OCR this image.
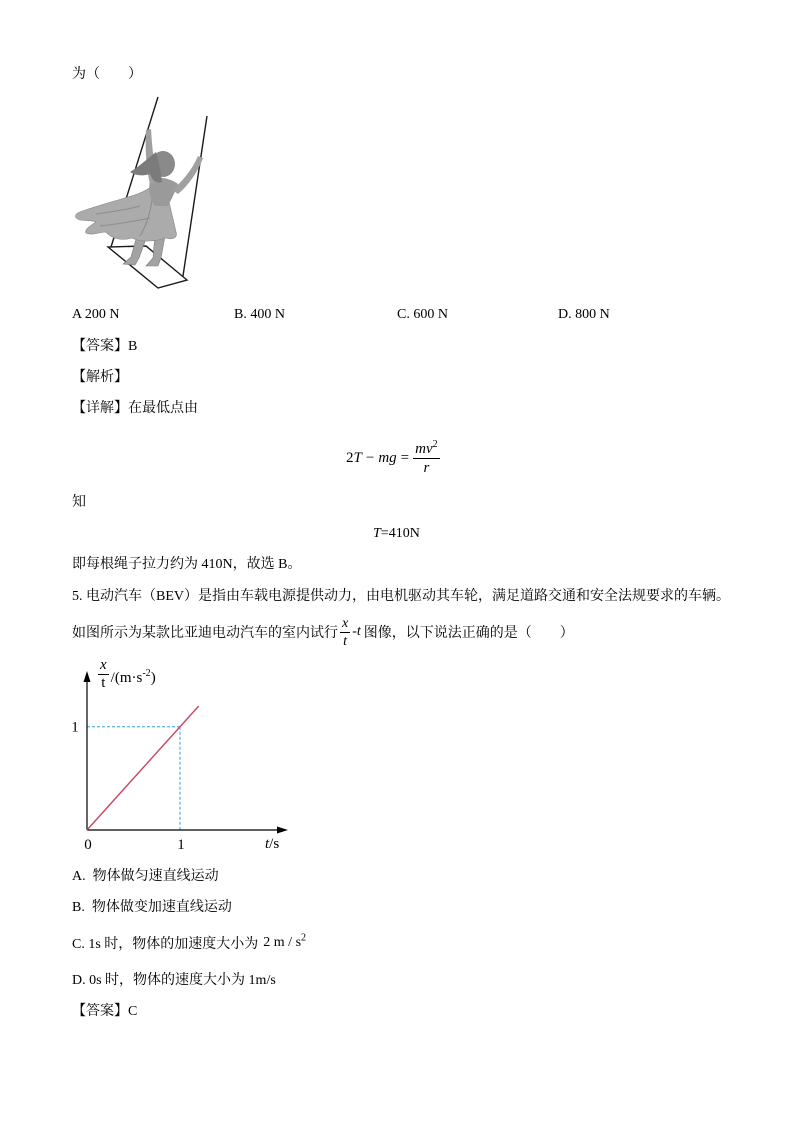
为（　　）
A 200 N	B. 400 N	C. 600 N	D. 800 N
【答案】B
【解析】
【详解】在最低点由
2 T − mg = $\frac{mv^2}{r}$
知
T =410N
即每根绳子拉力约为 410N，故选 B。
5. 电动汽车（BEV）是指由车载电源提供动力，由电机驱动其车轮，满足道路交通和安全法规要求的车辆。
如图所示为某款比亚迪电动汽车的室内试行 $\frac{x}{t} -t$ 图像，以下说法正确的是（　　）
0	1
1
t/s
$\frac{x}{t} /(m\cdot s^{-2})$
A.  物体做匀速直线运动
B.  物体做变加速直线运动
C. 1s 时，物体的加速度大小为 2 m / $s^2$
D. 0s 时，物体的速度大小为 1m/s
【答案】C
